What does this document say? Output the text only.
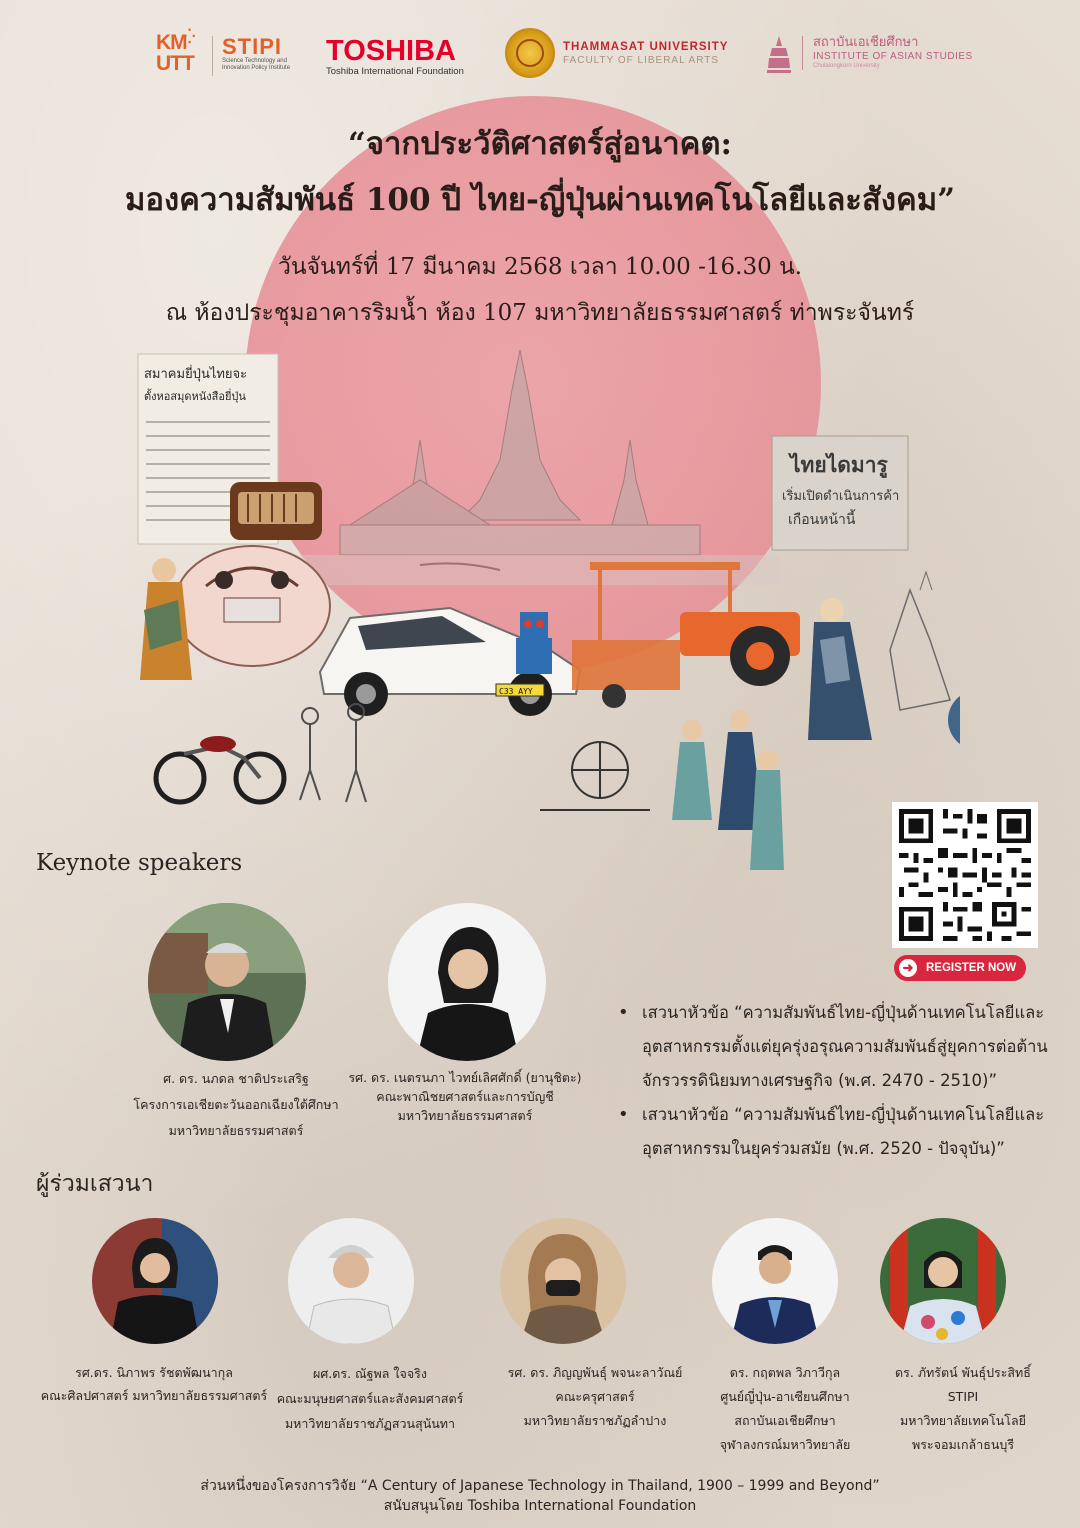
⁛
KMUTT
STIPI
Science Technology and Innovation Policy Institute
TOSHIBA
Toshiba International Foundation
THAMMASAT UNIVERSITY
FACULTY OF LIBERAL ARTS
สถาบันเอเชียศึกษา
INSTITUTE OF ASIAN STUDIES
Chulalongkorn University
“จากประวัติศาสตร์สู่อนาคต:
มองความสัมพันธ์ 100 ปี ไทย-ญี่ปุ่นผ่านเทคโนโลยีและสังคม”
วันจันทร์ที่ 17 มีนาคม 2568 เวลา 10.00 -16.30 น.
ณ ห้องประชุมอาคารริมน้ำ ห้อง 107 มหาวิทยาลัยธรรมศาสตร์ ท่าพระจันทร์
สมาคมยี่ปุ่นไทยจะ
ตั้งหอสมุดหนังสือยี่ปุ่น
ไทยไดมารู
เริ่มเปิดดำเนินการค้า
เกือนหน้านี้
C33 AYY
➜	REGISTER NOW
Keynote speakers
ศ. ดร. นภดล ชาติประเสริฐ
โครงการเอเชียตะวันออกเฉียงใต้ศึกษา
มหาวิทยาลัยธรรมศาสตร์
รศ. ดร. เนตรนภา ไวทย์เลิศศักดิ์ (ยานุชิตะ)
คณะพาณิชยศาสตร์และการบัญชี
มหาวิทยาลัยธรรมศาสตร์
• เสวนาหัวข้อ “ความสัมพันธ์ไทย-ญี่ปุ่นด้านเทคโนโลยีและอุตสาหกรรมตั้งแต่ยุครุ่งอรุณความสัมพันธ์สู่ยุคการต่อต้านจักรวรรดินิยมทางเศรษฐกิจ (พ.ศ. 2470 - 2510)”
• เสวนาหัวข้อ “ความสัมพันธ์ไทย-ญี่ปุ่นด้านเทคโนโลยีและอุตสาหกรรมในยุคร่วมสมัย (พ.ศ. 2520 - ปัจจุบัน)”
ผู้ร่วมเสวนา
รศ.ดร. นิภาพร รัชตพัฒนากุล
คณะศิลปศาสตร์ มหาวิทยาลัยธรรมศาสตร์
ผศ.ดร. ณัฐพล ใจจริง
คณะมนุษยศาสตร์และสังคมศาสตร์
มหาวิทยาลัยราชภัฏสวนสุนันทา
รศ. ดร. ภิญญพันธุ์ พจนะลาวัณย์
คณะครุศาสตร์
มหาวิทยาลัยราชภัฏลำปาง
ดร. กฤตพล วิภาวีกุล
ศูนย์ญี่ปุ่น-อาเซียนศึกษา
สถาบันเอเชียศึกษา
จุฬาลงกรณ์มหาวิทยาลัย
ดร. ภัทรัตน์ พันธุ์ประสิทธิ์
STIPI
มหาวิทยาลัยเทคโนโลยี
พระจอมเกล้าธนบุรี
ส่วนหนึ่งของโครงการวิจัย “A Century of Japanese Technology in Thailand, 1900 – 1999 and Beyond”
สนับสนุนโดย Toshiba International Foundation
